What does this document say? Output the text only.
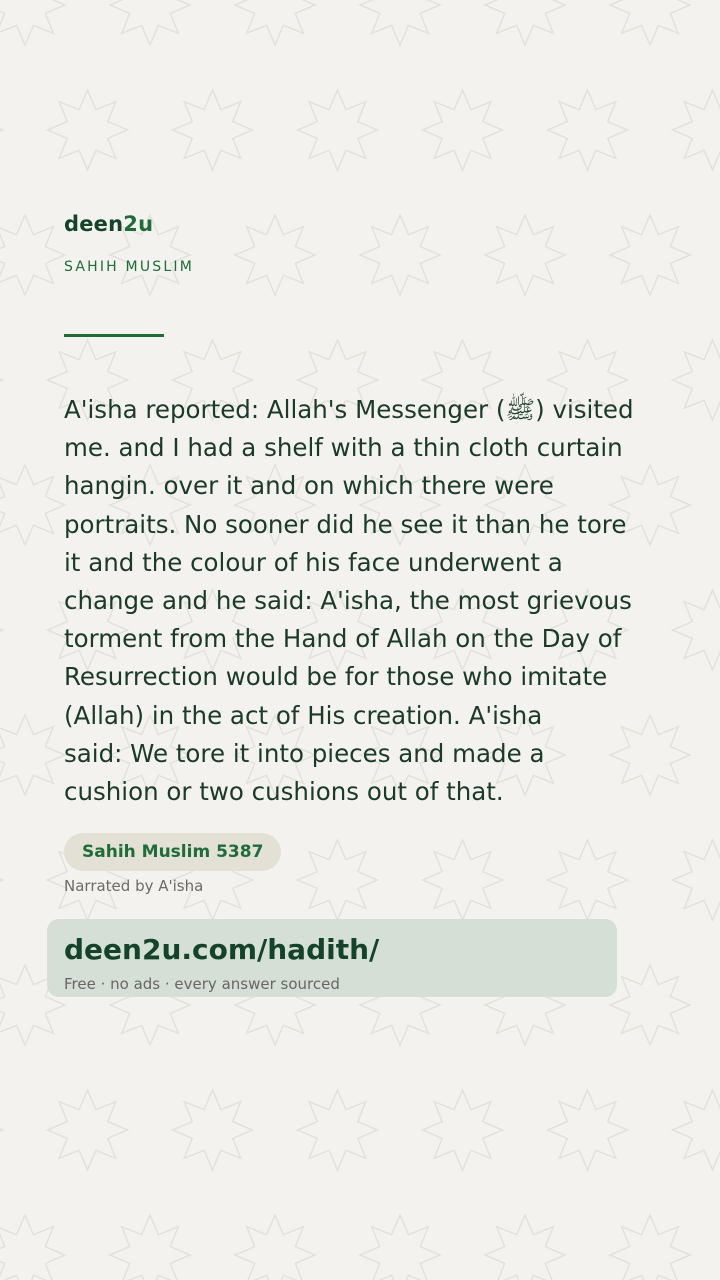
deen2u
SAHIH MUSLIM

A'isha reported: Allah's Messenger (ﷺ) visited
me. and I had a shelf with a thin cloth curtain
hangin. over it and on which there were
portraits. No sooner did he see it than he tore
it and the colour of his face underwent a
change and he said: A'isha, the most grievous
torment from the Hand of Allah on the Day of
Resurrection would be for those who imitate
(Allah) in the act of His creation. A'isha
said: We tore it into pieces and made a
cushion or two cushions out of that.

Sahih Muslim 5387
Narrated by A'isha
deen2u.com/hadith/
Free · no ads · every answer sourced
